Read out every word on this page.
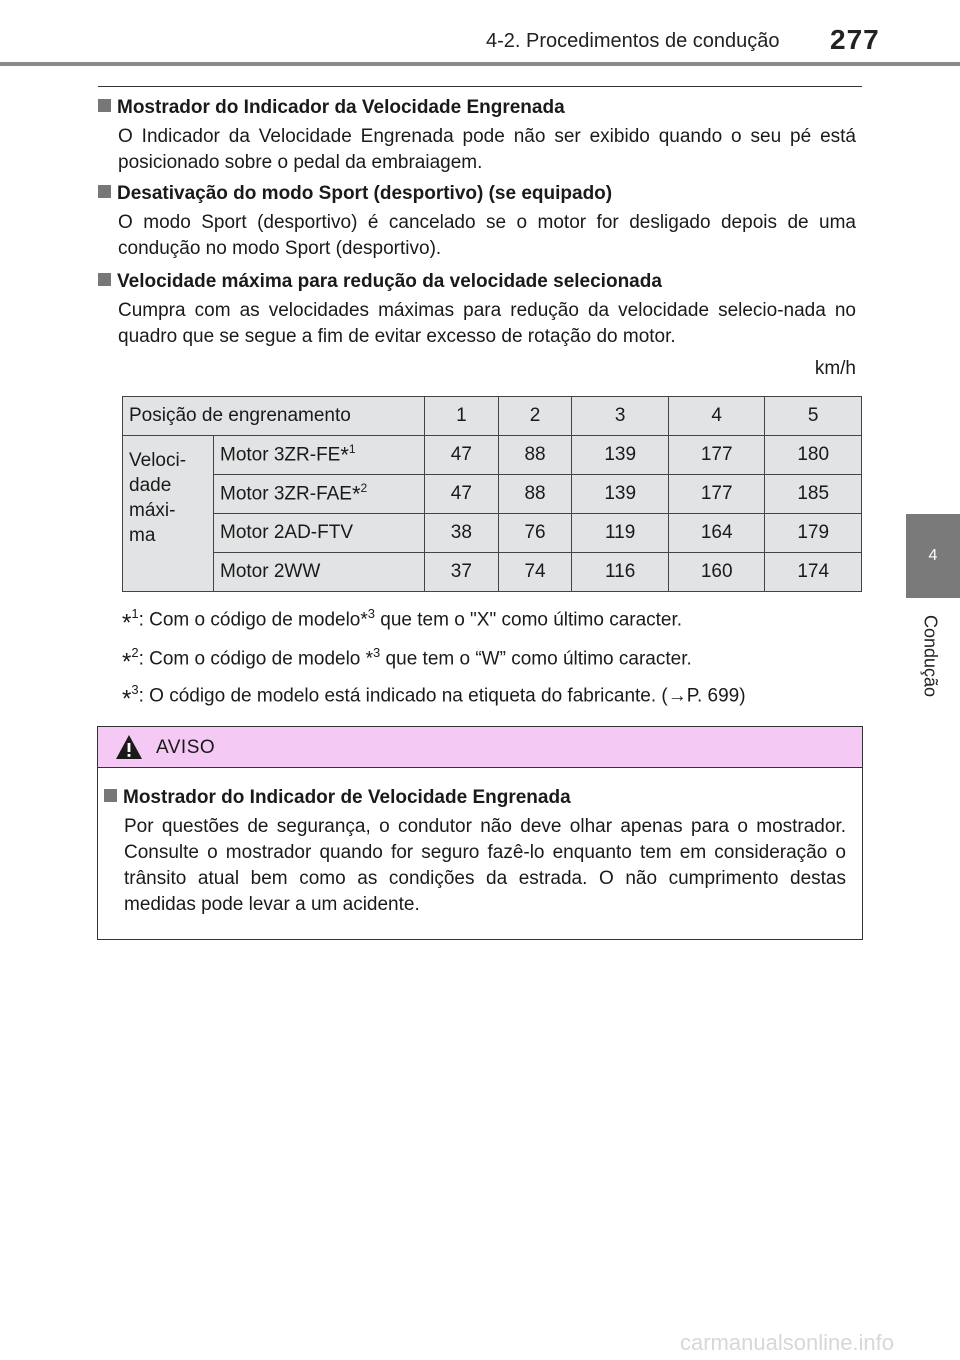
4-2. Procedimentos de condução 277
4
Condução
Mostrador do Indicador da Velocidade Engrenada

O Indicador da Velocidade Engrenada pode não ser exibido quando o seu pé está posicionado sobre o pedal da embraiagem.

Desativação do modo Sport (desportivo) (se equipado)

O modo Sport (desportivo) é cancelado se o motor for desligado depois de uma condução no modo Sport (desportivo).

Velocidade máxima para redução da velocidade selecionada

Cumpra com as velocidades máximas para redução da velocidade selecio-nada no quadro que se segue a fim de evitar excesso de rotação do motor.

km/h
Posição de engrenamento		1	2	3	4	5
Veloci-
dade
máxi-
ma	Motor 3ZR-FE*$^1$	47	88	139	177	180
	Motor 3ZR-FAE*$^2$	47	88	139	177	185
	Motor 2AD-FTV	38	76	119	164	179
	Motor 2WW	37	74	116	160	174
*$^1$: Com o código de modelo*$^3$ que tem o "X" como último caracter.
*$^2$: Com o código de modelo *$^3$ que tem o “W” como último caracter.
*$^3$: O código de modelo está indicado na etiqueta do fabricante. (→P. 699)
AVISO
Mostrador do Indicador de Velocidade Engrenada

Por questões de segurança, o condutor não deve olhar apenas para o mostrador. Consulte o mostrador quando for seguro fazê-lo enquanto tem em consideração o trânsito atual bem como as condições da estrada. O não cumprimento destas medidas pode levar a um acidente.

carmanualsonline.info
